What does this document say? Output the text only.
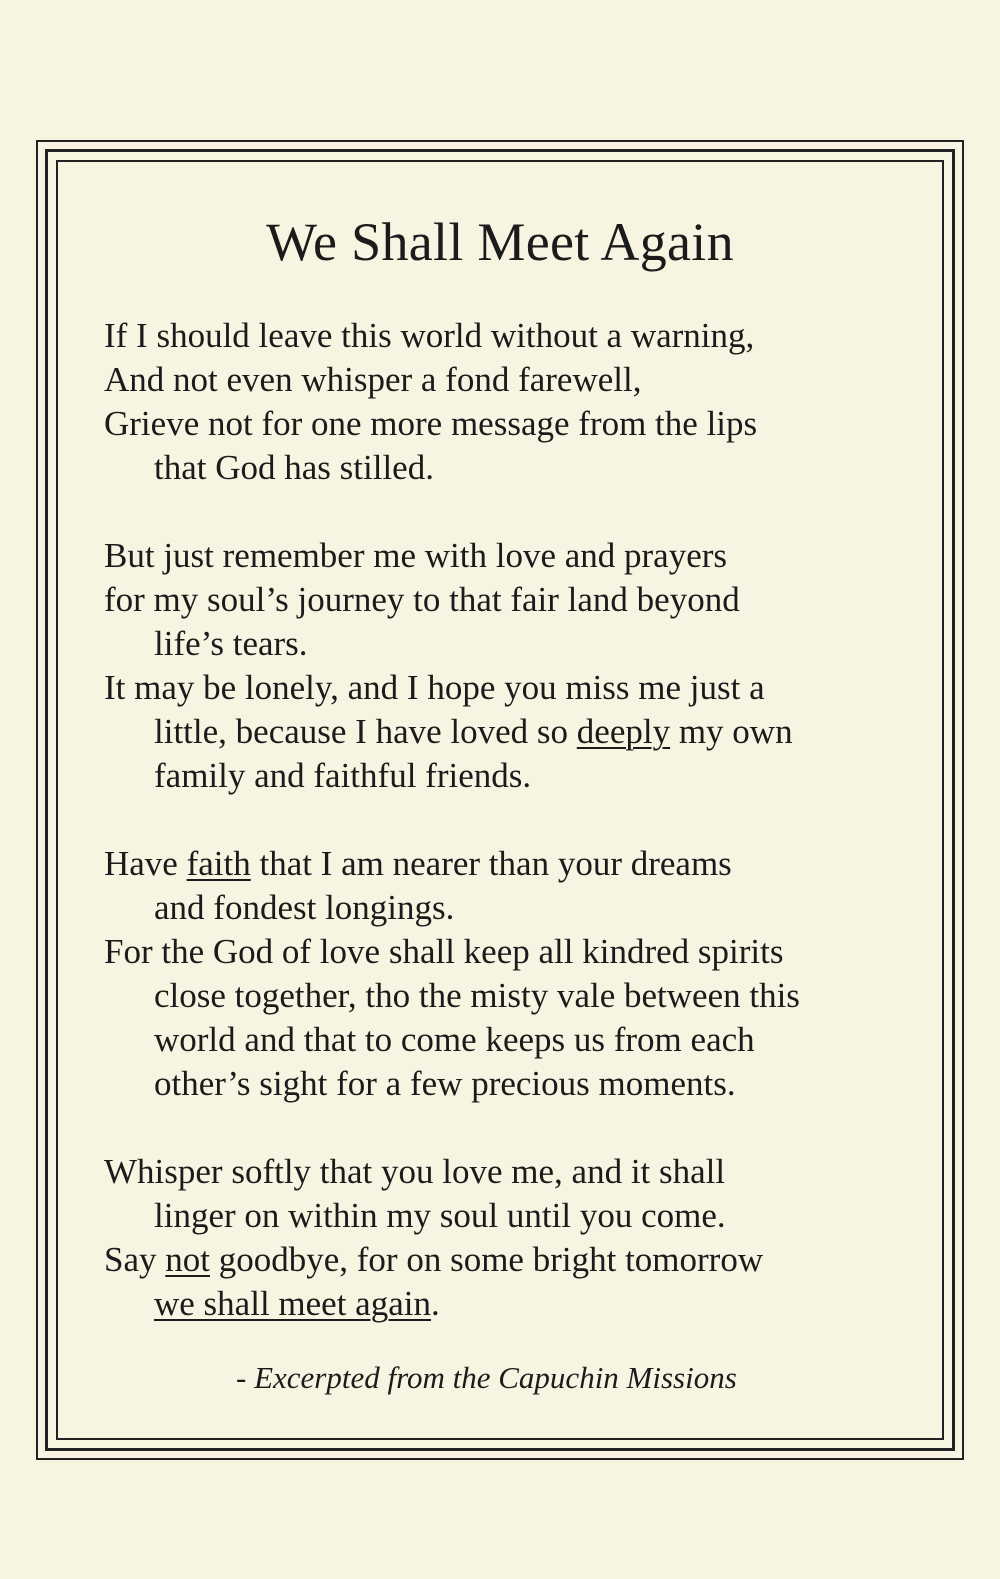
We Shall Meet Again

If I should leave this world without a warning,
And not even whisper a fond farewell,
Grieve not for one more message from the lips
that God has stilled.

But just remember me with love and prayers
for my soul’s journey to that fair land beyond
life’s tears.
It may be lonely, and I hope you miss me just a
little, because I have loved so deeply my own
family and faithful friends.

Have faith that I am nearer than your dreams
and fondest longings.
For the God of love shall keep all kindred spirits
close together, tho the misty vale between this
world and that to come keeps us from each
other’s sight for a few precious moments.

Whisper softly that you love me, and it shall
linger on within my soul until you come.
Say not goodbye, for on some bright tomorrow
we shall meet again.

- Excerpted from the Capuchin Missions
